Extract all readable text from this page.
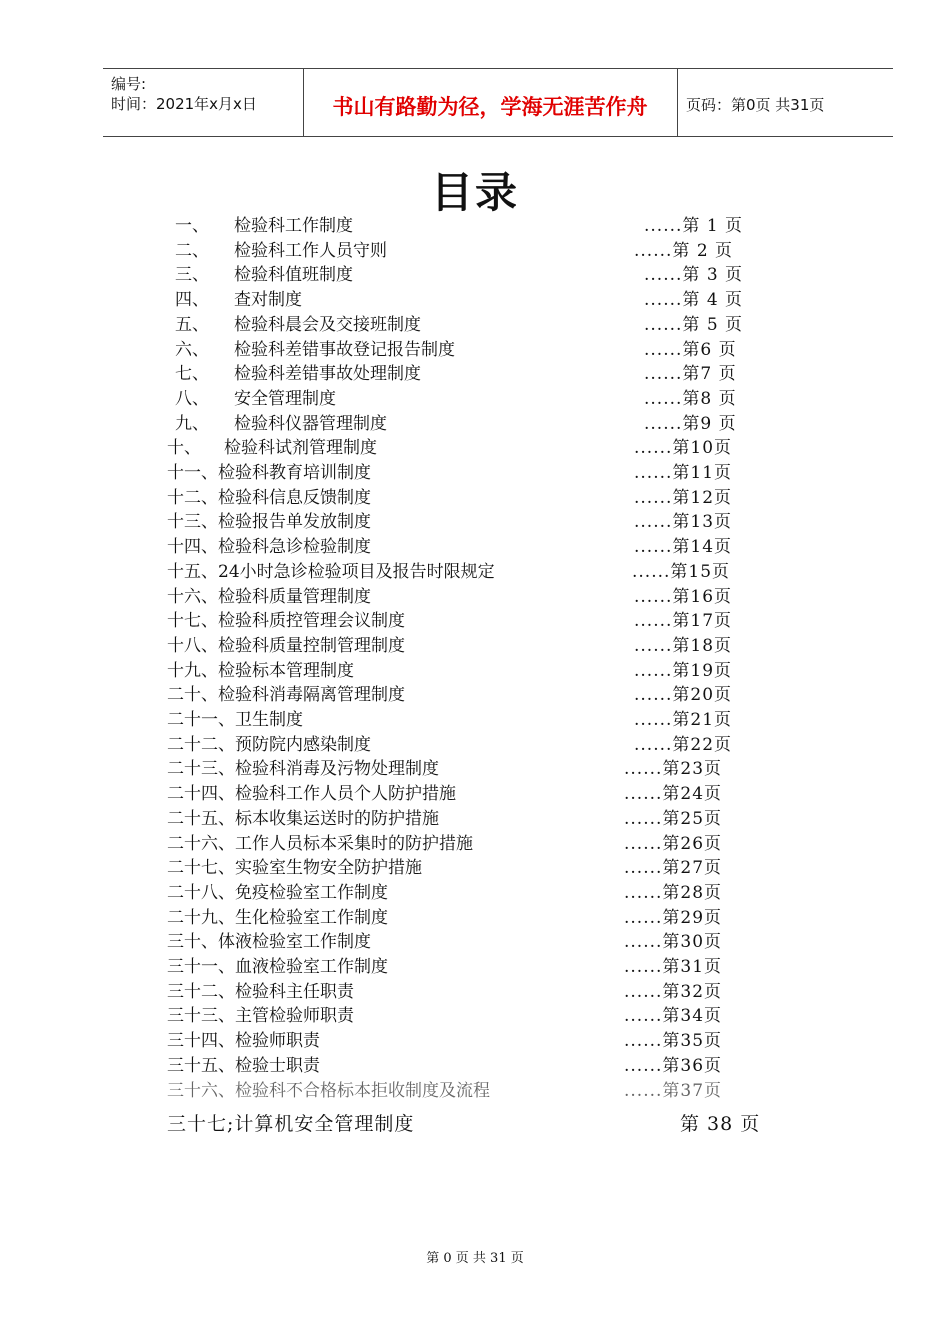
编号:
时间：2021年x月x日	书山有路勤为径，学海无涯苦作舟	页码：第0页 共31页
目录
一、 检验科工作制度	......第 1 页
二、 检验科工作人员守则	......第 2 页
三、 检验科值班制度	......第 3 页
四、 查对制度	......第 4 页
五、 检验科晨会及交接班制度	......第 5 页
六、 检验科差错事故登记报告制度	......第6 页
七、 检验科差错事故处理制度	......第7 页
八、 安全管理制度	......第8 页
九、 检验科仪器管理制度	......第9 页
十、 检验科试剂管理制度	......第10页
十一、检验科教育培训制度	......第11页
十二、检验科信息反馈制度	......第12页
十三、检验报告单发放制度	......第13页
十四、检验科急诊检验制度	......第14页
十五、24小时急诊检验项目及报告时限规定	......第15页
十六、检验科质量管理制度	......第16页
十七、检验科质控管理会议制度	......第17页
十八、检验科质量控制管理制度	......第18页
十九、检验标本管理制度	......第19页
二十、检验科消毒隔离管理制度	......第20页
二十一、卫生制度	......第21页
二十二、预防院内感染制度	......第22页
二十三、检验科消毒及污物处理制度	......第23页
二十四、检验科工作人员个人防护措施	......第24页
二十五、标本收集运送时的防护措施	......第25页
二十六、工作人员标本采集时的防护措施	......第26页
二十七、实验室生物安全防护措施	......第27页
二十八、免疫检验室工作制度	......第28页
二十九、生化检验室工作制度	......第29页
三十、体液检验室工作制度	......第30页
三十一、血液检验室工作制度	......第31页
三十二、检验科主任职责	......第32页
三十三、主管检验师职责	......第34页
三十四、检验师职责	......第35页
三十五、检验士职责	......第36页
三十六、检验科不合格标本拒收制度及流程	......第37页
三十七;计算机安全管理制度	第 38 页
第 0 页 共 31 页
